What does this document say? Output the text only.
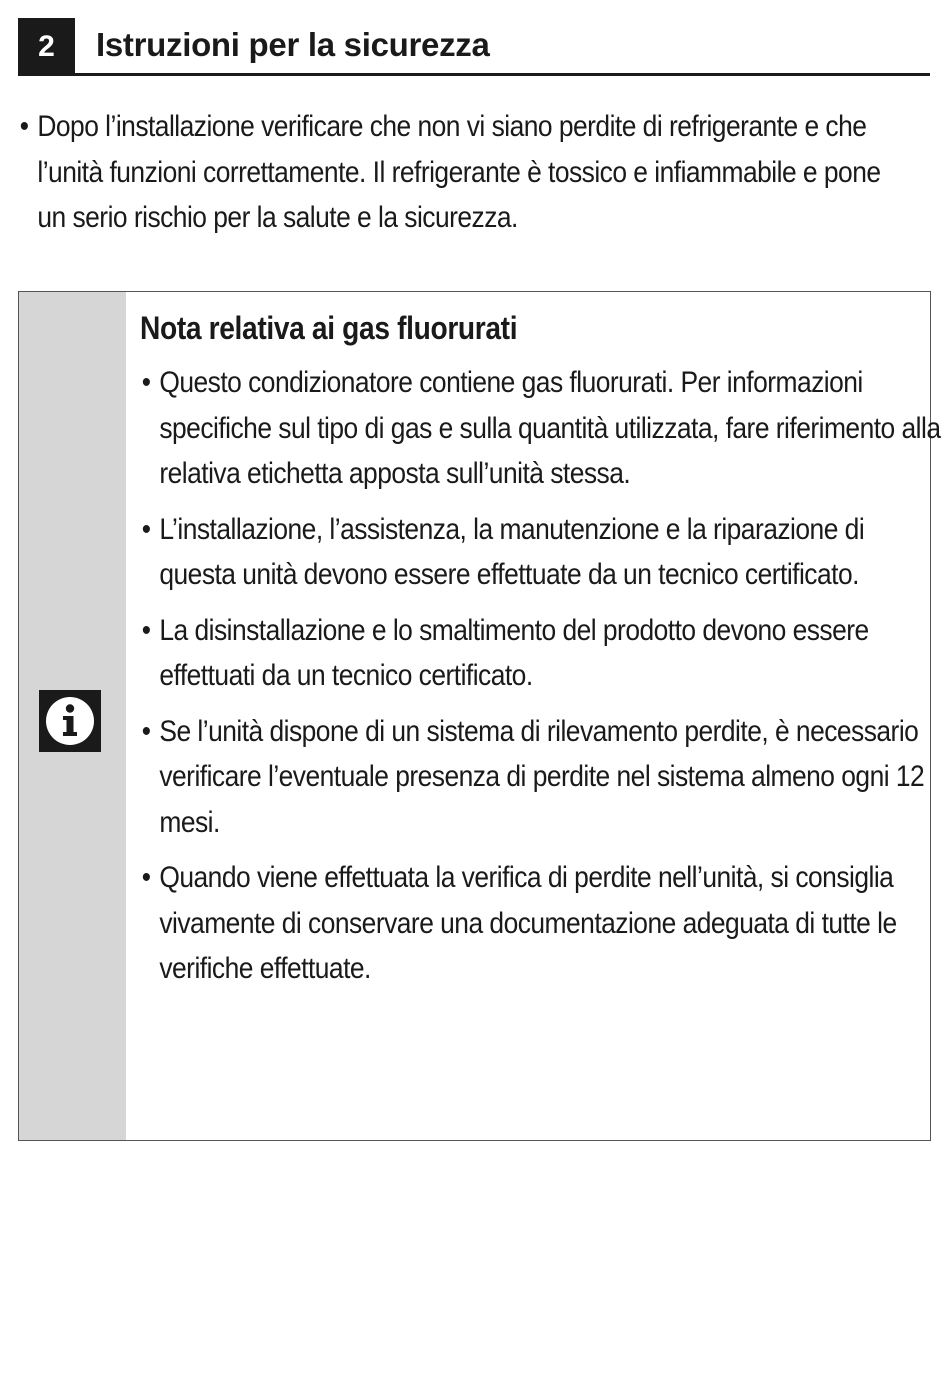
2	Istruzioni per la sicurezza
• Dopo l’installazione verificare che non vi siano perdite di refrigerante e che l’unità funzioni correttamente. Il refrigerante è tossico e infiammabile e pone un serio rischio per la salute e la sicurezza.
Nota relativa ai gas fluorurati
• Questo condizionatore contiene gas fluorurati. Per informazioni specifiche sul tipo di gas e sulla quantità utilizzata, fare riferimento alla relativa etichetta apposta sull’unità stessa.
• L’installazione, l’assistenza, la manutenzione e la riparazione di questa unità devono essere effettuate da un tecnico certificato.
• La disinstallazione e lo smaltimento del prodotto devono essere effettuati da un tecnico certificato.
• Se l’unità dispone di un sistema di rilevamento perdite, è necessario verificare l’eventuale presenza di perdite nel sistema almeno ogni 12 mesi.
• Quando viene effettuata la verifica di perdite nell’unità, si consiglia vivamente di conservare una documentazione adeguata di tutte le verifiche effettuate.
